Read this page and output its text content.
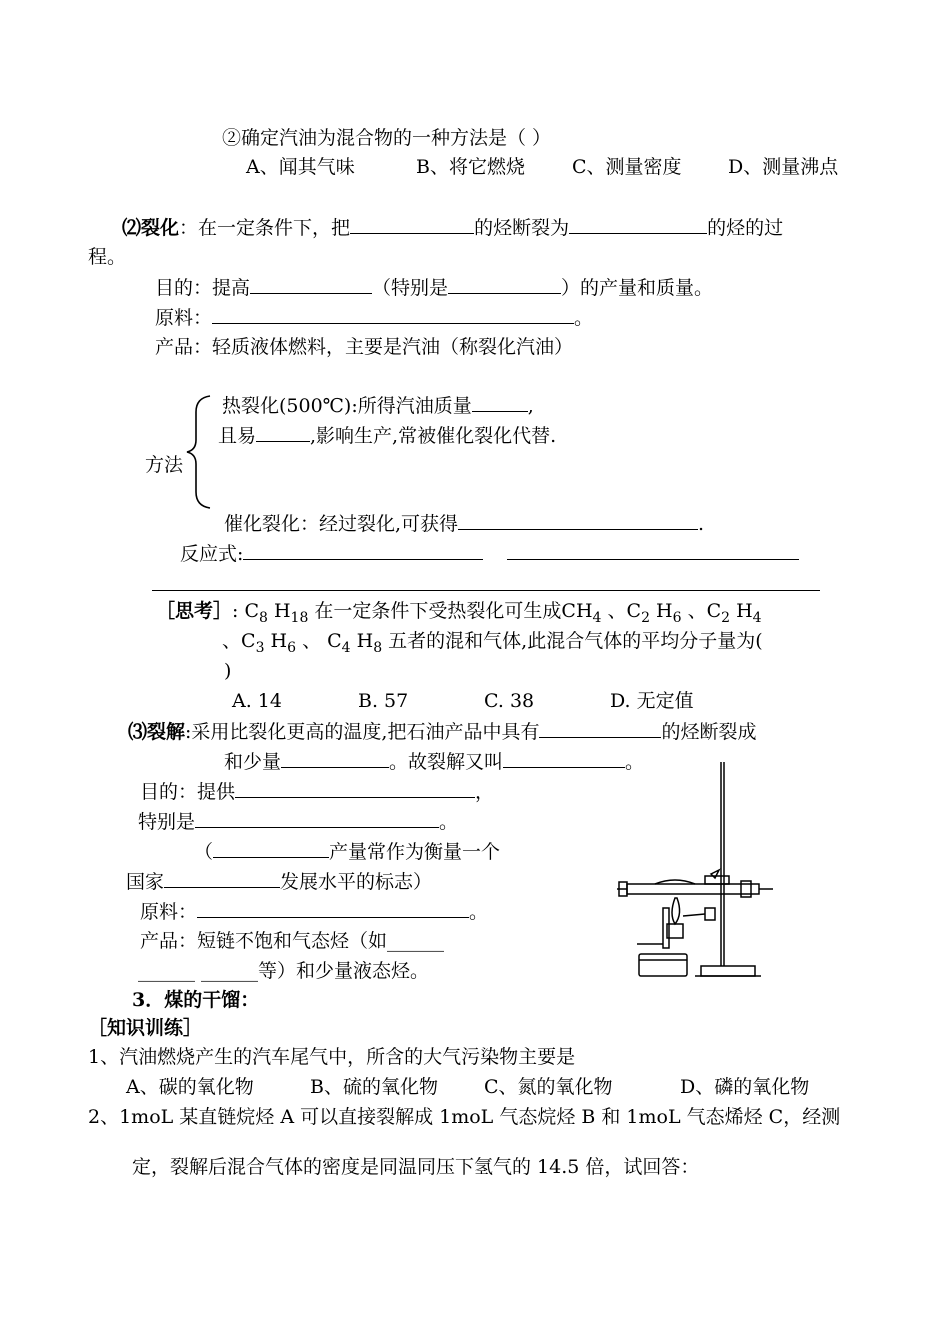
②确定汽油为混合物的一种方法是（ ）
A、闻其气味	B、将它燃烧 C、测量密度 D、测量沸点
⑵裂化：在一定条件下，把	的烃断裂为	的烃的过
程。
目的：提高	（特别是	）的产量和质量。
原料：	。
产品：轻质液体燃料，主要是汽油（称裂化汽油）
热裂化(500℃):所得汽油质量	,
且易	,影响生产,常被催化裂化代替.
方法
催化裂化：经过裂化,可获得	.
反应式:
［思考］: $C_8$ $H_{18}$ 在一定条件下受热裂化可生成$CH_4$ 、$C_2$ $H_6$ 、$C_2$ $H_4$
、$C_3$ $H_6$ 、 $C_4$ $H_8$ 五者的混和气体,此混合气体的平均分子量为(
)
A. 14	B. 57	C. 38	D. 无定值
⑶裂解:采用比裂化更高的温度,把石油产品中具有	的烃断裂成
和少量	。故裂解又叫	。
目的：提供	，
特别是	。
（	产量常作为衡量一个
国家	发展水平的标志）
原料：	。
产品：短链不饱和气态烃（如______
______ ______等）和少量液态烃。
3．煤的干馏：
［知识训练］
1、汽油燃烧产生的汽车尾气中，所含的大气污染物主要是
A、碳的氧化物	B、硫的氧化物 C、氮的氧化物	D、磷的氧化物
2、1moL 某直链烷烃 A 可以直接裂解成 1moL 气态烷烃 B 和 1moL 气态烯烃 C，经测
定，裂解后混合气体的密度是同温同压下氢气的 14.5 倍，试回答：
